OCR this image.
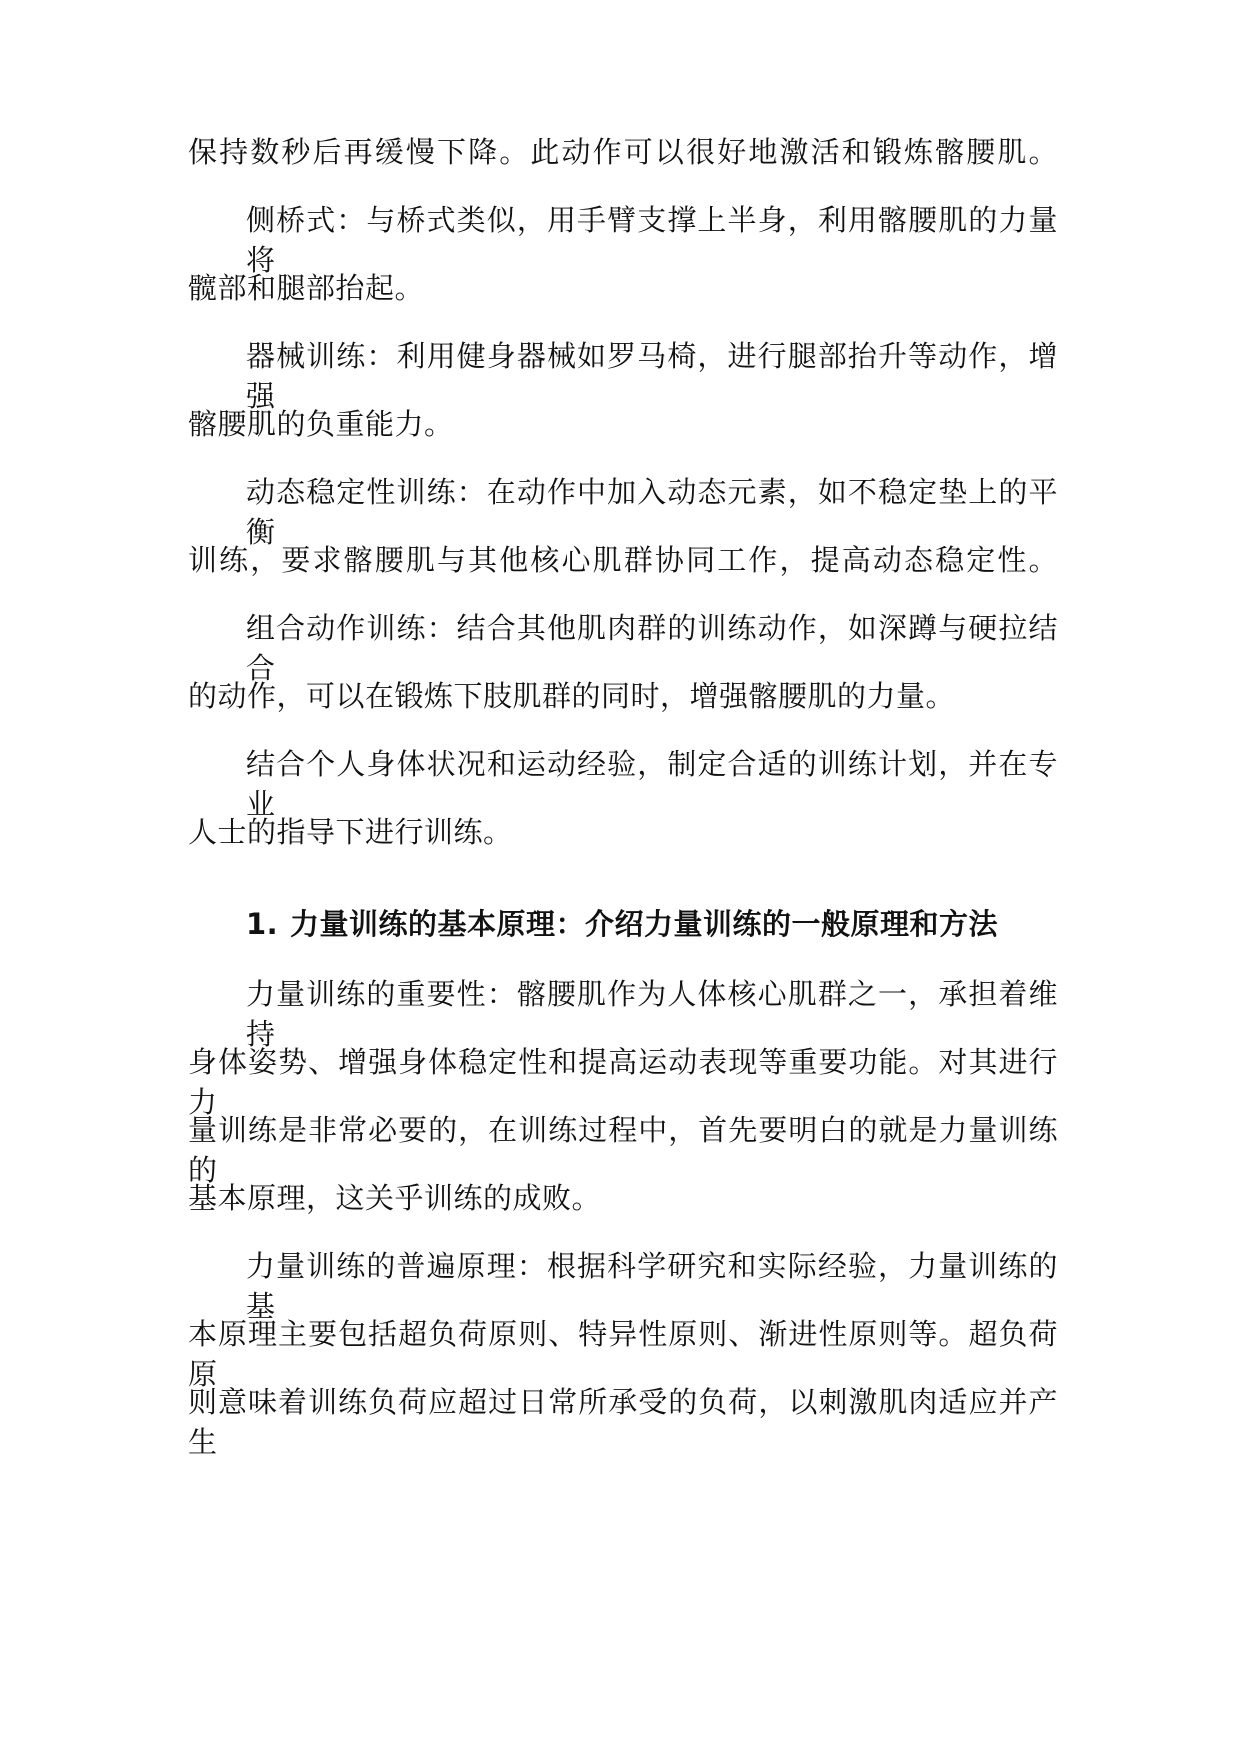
保持数秒后再缓慢下降。此动作可以很好地激活和锻炼髂腰肌。
侧桥式：与桥式类似，用手臂支撑上半身，利用髂腰肌的力量将
髋部和腿部抬起。
器械训练：利用健身器械如罗马椅，进行腿部抬升等动作，增强
髂腰肌的负重能力。
动态稳定性训练：在动作中加入动态元素，如不稳定垫上的平衡
训练，要求髂腰肌与其他核心肌群协同工作，提高动态稳定性。
组合动作训练：结合其他肌肉群的训练动作，如深蹲与硬拉结合
的动作，可以在锻炼下肢肌群的同时，增强髂腰肌的力量。
结合个人身体状况和运动经验，制定合适的训练计划，并在专业
人士的指导下进行训练。
1. 力量训练的基本原理：介绍力量训练的一般原理和方法
力量训练的重要性：髂腰肌作为人体核心肌群之一，承担着维持
身体姿势、增强身体稳定性和提高运动表现等重要功能。对其进行力
量训练是非常必要的，在训练过程中，首先要明白的就是力量训练的
基本原理，这关乎训练的成败。
力量训练的普遍原理：根据科学研究和实际经验，力量训练的基
本原理主要包括超负荷原则、特异性原则、渐进性原则等。超负荷原
则意味着训练负荷应超过日常所承受的负荷，以刺激肌肉适应并产生
